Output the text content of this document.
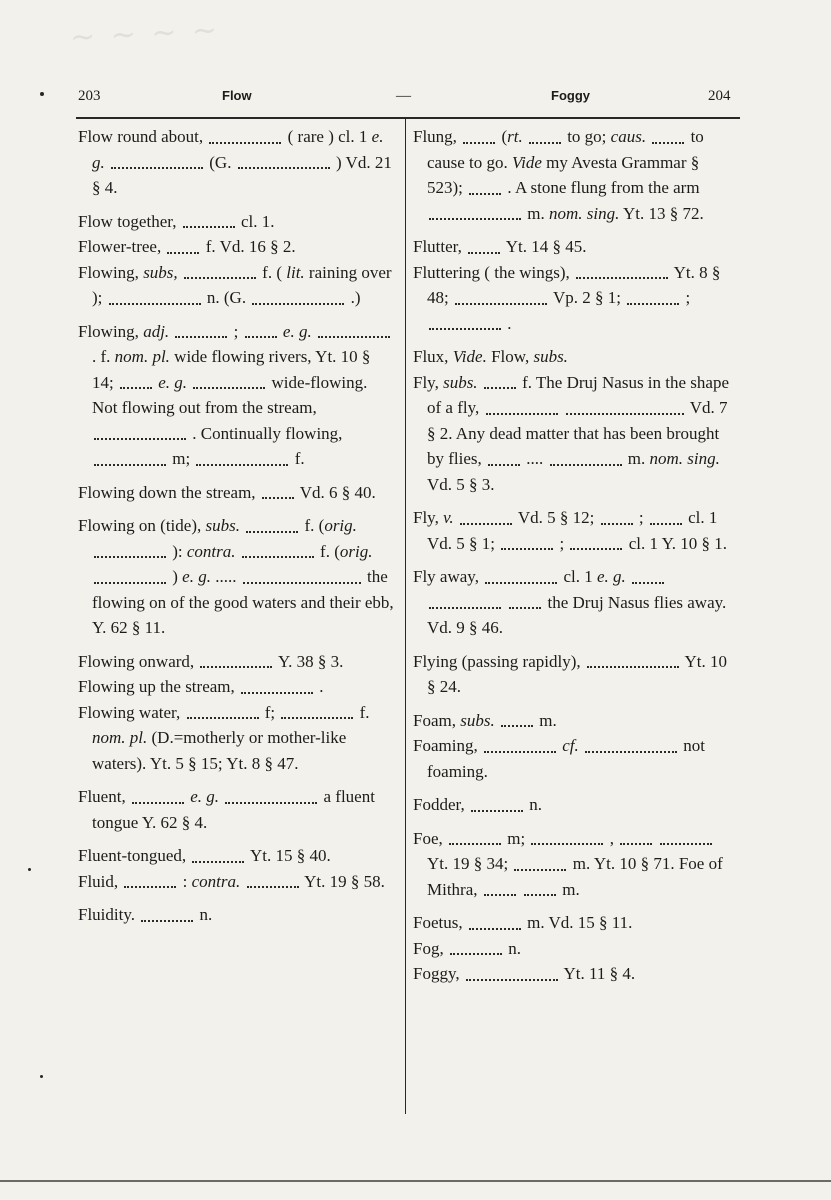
~ ~ ~ ~
203	Flow	—	Foggy	204

Flow round about,	( rare ) cl. 1 e. g.	(G.	) Vd. 21 § 4.

Flow together,	cl. 1.

Flower-tree,  f. Vd. 16 § 2.

Flowing, subs,	f. ( lit. raining over );	n. (G.	.)

Flowing, adj.	;  e. g.  . f. nom. pl. wide flowing rivers, Yt. 10 § 14;  e. g.	wide-flowing. Not flowing out from the stream,  . Continually flowing,  m;	f.

Flowing down the stream,  Vd. 6 § 40.

Flowing on (tide), subs.	f. (orig.  ): contra.	f. (orig.  ) e. g. .....	the flowing on of the good waters and their ebb, Y. 62 § 11.

Flowing onward,	Y. 38 § 3.

Flowing up the stream,	.

Flowing water,	f;	f. nom. pl. (D.=motherly or mother-like waters). Yt. 5 § 15; Yt. 8 § 47.

Fluent,	e. g.	a fluent tongue Y. 62 § 4.

Fluent-tongued,	Yt. 15 § 40.

Fluid,	: contra.	Yt. 19 § 58.

Fluidity.	n.

Flung,  (rt.	to go; caus.	to cause to go. Vide my Avesta Grammar § 523);  . A stone flung from the arm  m. nom. sing. Yt. 13 § 72.

Flutter,  Yt. 14 § 45.

Fluttering ( the wings),	Yt. 8 § 48;	Vp. 2 § 1;	;  .

Flux, Vide. Flow, subs.

Fly, subs.	f. The Druj Nasus in the shape of a fly,	Vd. 7 § 2. Any dead matter that has been brought by flies,  ....	m. nom. sing. Vd. 5 § 3.

Fly, v.	Vd. 5 § 12;  ;  cl. 1 Vd. 5 § 1;	;	cl. 1 Y. 10 § 1.

Fly away,	cl. 1 e. g.    the Druj Nasus flies away. Vd. 9 § 46.

Flying (passing rapidly),	Yt. 10 § 24.

Foam, subs.	m.

Foaming,	cf.	not foaming.

Fodder,	n.

Foe,	m;	,   Yt. 19 § 34;	m. Yt. 10 § 71. Foe of Mithra,	m.

Foetus,	m. Vd. 15 § 11.

Fog,	n.

Foggy,	Yt. 11 § 4.
